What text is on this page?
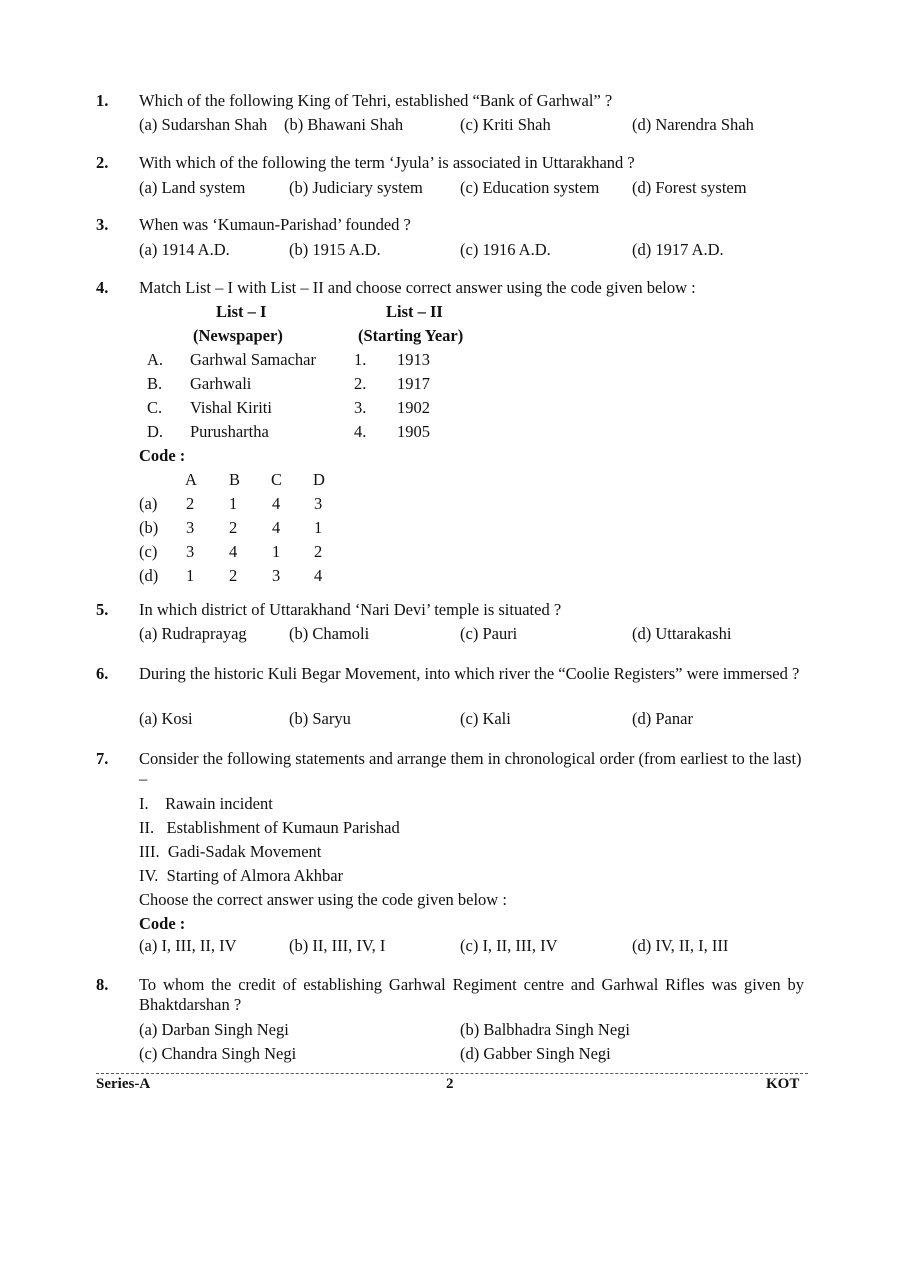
1. Which of the following King of Tehri, established “Bank of Garhwal” ?
(a) Sudarshan Shah (b) Bhawani Shah	(c) Kriti Shah	(d) Narendra Shah
2. With which of the following the term ‘Jyula’ is associated in Uttarakhand ?
(a) Land system	(b) Judiciary system (c) Education system (d) Forest system
3. When was ‘Kumaun-Parishad’ founded ?
(a) 1914 A.D.	(b) 1915 A.D.	(c) 1916 A.D.	(d) 1917 A.D.
4. Match List – I with List – II and choose correct answer using the code given below :
List – I	List – II
(Newspaper)	(Starting Year)
A. Garhwal Samachar 1. 1913
B. Garhwali	2. 1917
C. Vishal Kiriti	3. 1902
D. Purushartha	4. 1905
Code :
A B C D
(a) 2 1 4 3
(b) 3 2 4 1
(c) 3 4 1 2
(d) 1 2 3 4
5. In which district of Uttarakhand ‘Nari Devi’ temple is situated ?
(a) Rudraprayag	(b) Chamoli	(c) Pauri	(d) Uttarakashi
6. During the historic Kuli Begar Movement, into which river the “Coolie Registers” were immersed ?
(a) Kosi	(b) Saryu	(c) Kali	(d) Panar
7. Consider the following statements and arrange them in chronological order (from earliest to the last) –
I.    Rawain incident
II.   Establishment of Kumaun Parishad
III.  Gadi-Sadak Movement
IV.  Starting of Almora Akhbar
Choose the correct answer using the code given below :
Code :
(a) I, III, II, IV	(b) II, III, IV, I	(c) I, II, III, IV	(d) IV, II, I, III
8. To whom the credit of establishing Garhwal Regiment centre and Garhwal Rifles was given by Bhaktdarshan ?
(a) Darban Singh Negi	(b) Balbhadra Singh Negi
(c) Chandra Singh Negi	(d) Gabber Singh Negi
Series-A	2	KOT
